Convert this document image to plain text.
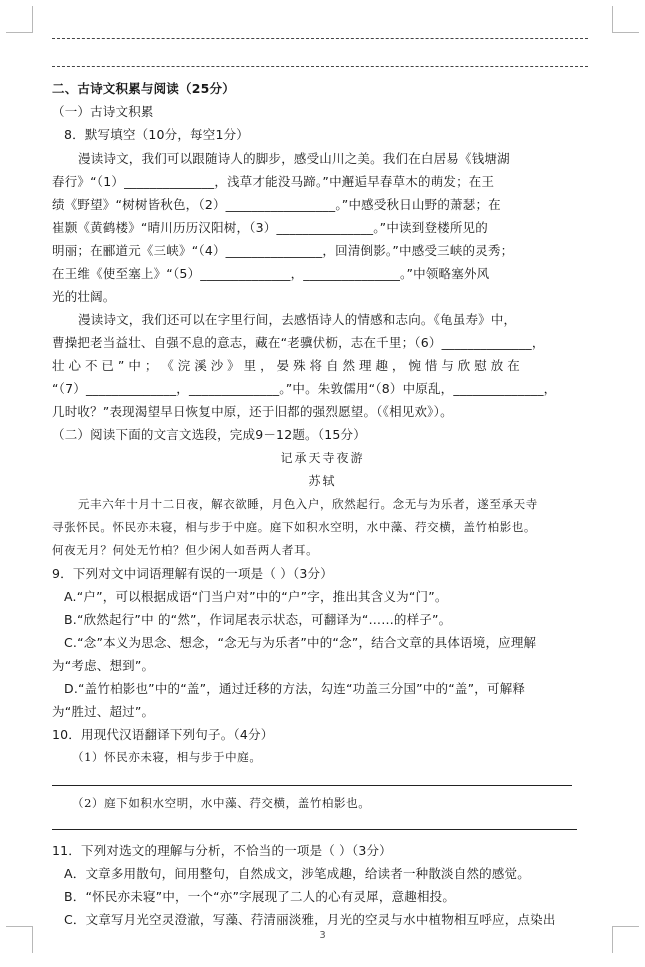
二、古诗文积累与阅读（25分）
（一）古诗文积累
8．默写填空（10分，每空1分）
漫读诗文，我们可以跟随诗人的脚步，感受山川之美。我们在白居易《钱塘湖
春行》“（1）______________，浅草才能没马蹄。”中邂逅早春草木的萌发；在王
绩《野望》“树树皆秋色，（2）_________________。”中感受秋日山野的萧瑟；在
崔颢《黄鹤楼》“晴川历历汉阳树，（3）_______________。”中读到登楼所见的
明丽；在郦道元《三峡》“（4）_______________，回清倒影。”中感受三峡的灵秀；
在王维《使至塞上》“（5）______________，_______________。”中领略塞外风
光的壮阔。
漫读诗文，我们还可以在字里行间，去感悟诗人的情感和志向。《龟虽寿》中，
曹操把老当益壮、自强不息的意志，藏在“老骥伏枥，志在千里；（6）______________，
壮 心 不 已 ” 中 ； 《 浣 溪 沙 》 里 ， 晏 殊 将 自 然 理 趣 ， 惋 惜 与 欣 慰 放 在
“（7）______________，______________。”中。朱敦儒用“（8）中原乱，______________，
几时收？”表现渴望早日恢复中原，还于旧都的强烈愿望。（《相见欢》）。
（二）阅读下面的文言文选段，完成9－12题。（15分）
记承天寺夜游
苏轼
元丰六年十月十二日夜，解衣欲睡，月色入户，欣然起行。念无与为乐者，遂至承天寺
寻张怀民。怀民亦未寝，相与步于中庭。庭下如积水空明，水中藻、荇交横，盖竹柏影也。
何夜无月？何处无竹柏？但少闲人如吾两人者耳。
9．下列对文中词语理解有误的一项是（ ）（3分）
A.“户”，可以根据成语“门当户对”中的“户”字，推出其含义为“门”。
B.“欣然起行”中 的“然”，作词尾表示状态，可翻译为“……的样子”。
C.“念”本义为思念、想念，“念无与为乐者”中的“念”，结合文章的具体语境，应理解
为“考虑、想到”。
D.“盖竹柏影也”中的“盖”，通过迁移的方法，勾连“功盖三分国”中的“盖”，可解释
为“胜过、超过”。
10．用现代汉语翻译下列句子。（4分）
（1）怀民亦未寝，相与步于中庭。
（2）庭下如积水空明，水中藻、荇交横，盖竹柏影也。
11．下列对选文的理解与分析，不恰当的一项是（ ）（3分）
A．文章多用散句，间用整句，自然成文，涉笔成趣，给读者一种散淡自然的感觉。
B．“怀民亦未寝”中，一个“亦”字展现了二人的心有灵犀，意趣相投。
C．文章写月光空灵澄澈，写藻、荇清丽淡雅，月光的空灵与水中植物相互呼应，点染出
3
